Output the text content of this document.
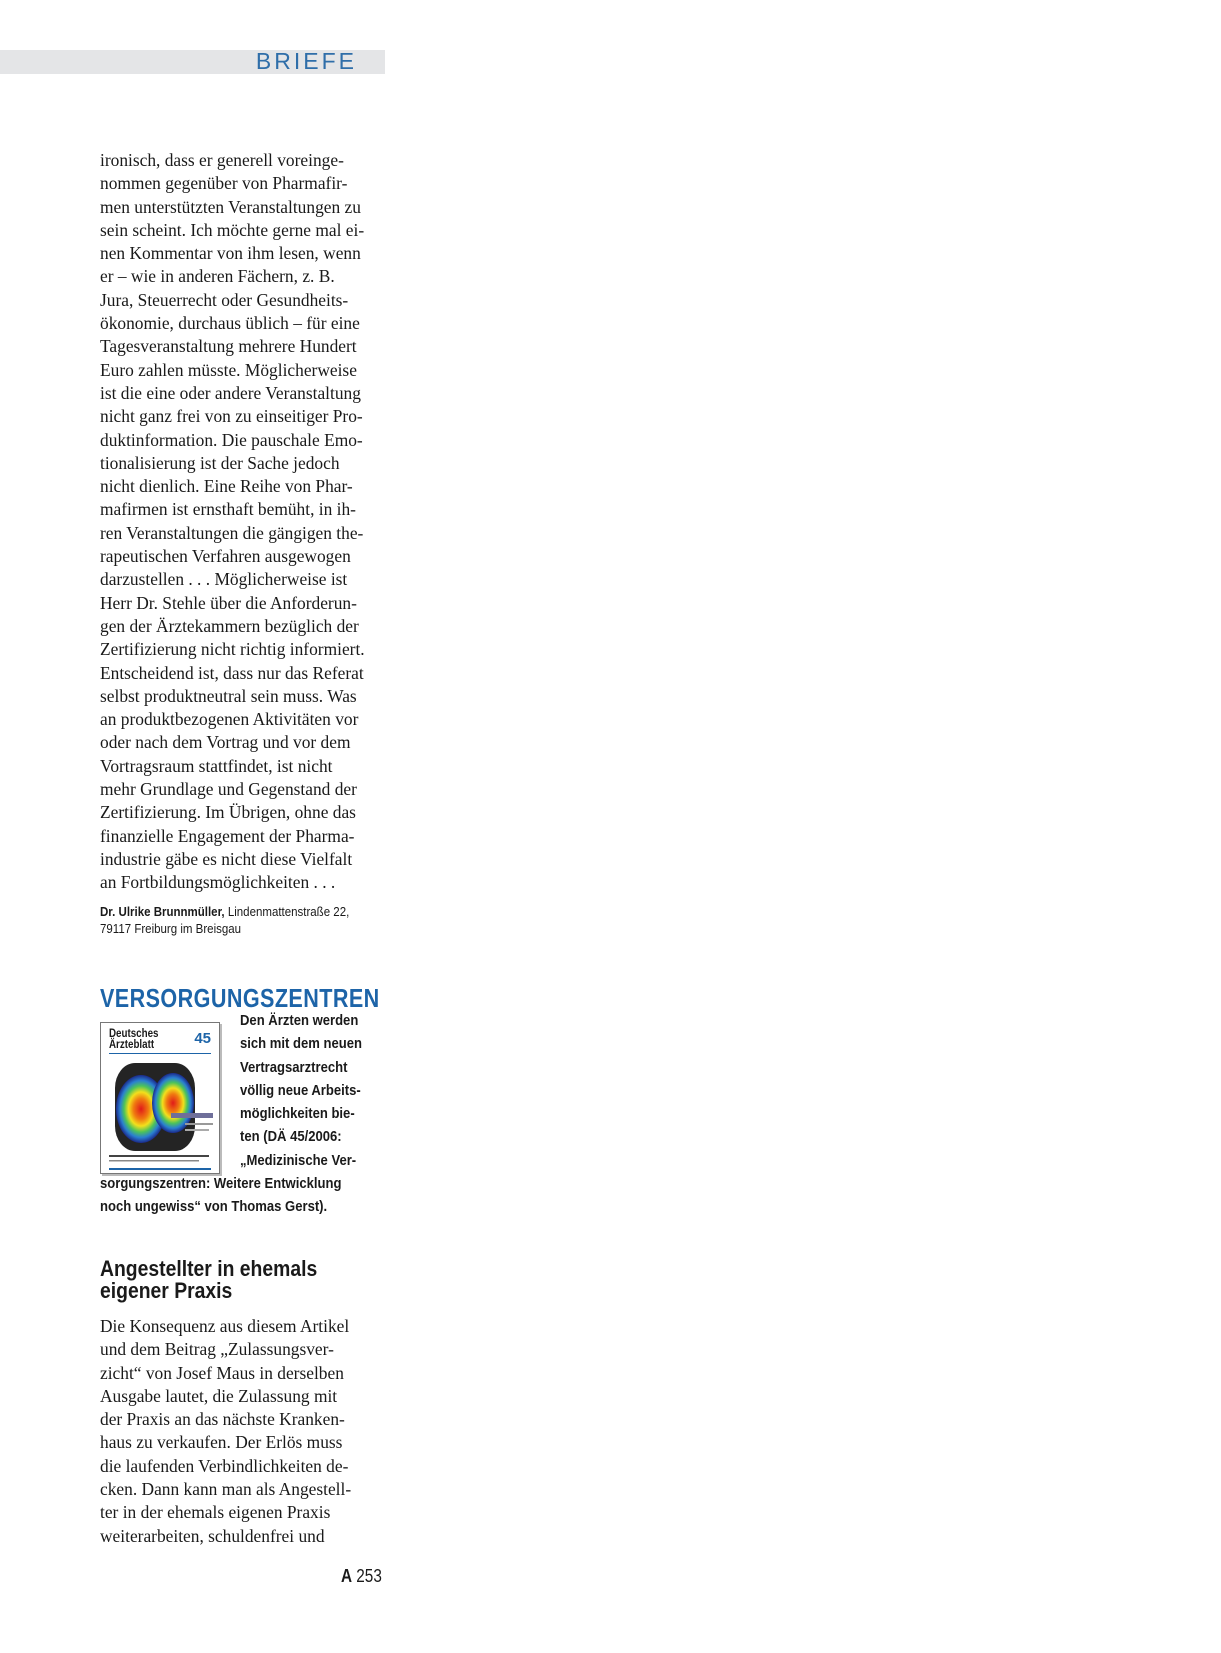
BRIEFE

ironisch, dass er generell voreinge-
nommen gegenüber von Pharmafir-
men unterstützten Veranstaltungen zu
sein scheint. Ich möchte gerne mal ei-
nen Kommentar von ihm lesen, wenn
er – wie in anderen Fächern, z. B.
Jura, Steuerrecht oder Gesundheits-
ökonomie, durchaus üblich – für eine
Tagesveranstaltung mehrere Hundert
Euro zahlen müsste. Möglicherweise
ist die eine oder andere Veranstaltung
nicht ganz frei von zu einseitiger Pro-
duktinformation. Die pauschale Emo-
tionalisierung ist der Sache jedoch
nicht dienlich. Eine Reihe von Phar-
mafirmen ist ernsthaft bemüht, in ih-
ren Veranstaltungen die gängigen the-
rapeutischen Verfahren ausgewogen
darzustellen . . . Möglicherweise ist
Herr Dr. Stehle über die Anforderun-
gen der Ärztekammern bezüglich der
Zertifizierung nicht richtig informiert.
Entscheidend ist, dass nur das Referat
selbst produktneutral sein muss. Was
an produktbezogenen Aktivitäten vor
oder nach dem Vortrag und vor dem
Vortragsraum stattfindet, ist nicht
mehr Grundlage und Gegenstand der
Zertifizierung. Im Übrigen, ohne das
finanzielle Engagement der Pharma-
industrie gäbe es nicht diese Vielfalt
an Fortbildungsmöglichkeiten . . .

Dr. Ulrike Brunnmüller, Lindenmattenstraße 22,
79117 Freiburg im Breisgau
VERSORGUNGSZENTREN
Deutsches
Ärzteblatt	45
Den Ärzten werden
sich mit dem neuen
Vertragsarztrecht
völlig neue Arbeits-
möglichkeiten bie-
ten (DÄ 45/2006:
„Medizinische Ver-
sorgungszentren: Weitere Entwicklung
noch ungewiss“ von Thomas Gerst).
Angestellter in ehemals
eigener Praxis

Die Konsequenz aus diesem Artikel
und dem Beitrag „Zulassungsver-
zicht“ von Josef Maus in derselben
Ausgabe lautet, die Zulassung mit
der Praxis an das nächste Kranken-
haus zu verkaufen. Der Erlös muss
die laufenden Verbindlichkeiten de-
cken. Dann kann man als Angestell-
ter in der ehemals eigenen Praxis
weiterarbeiten, schuldenfrei und

A 253
